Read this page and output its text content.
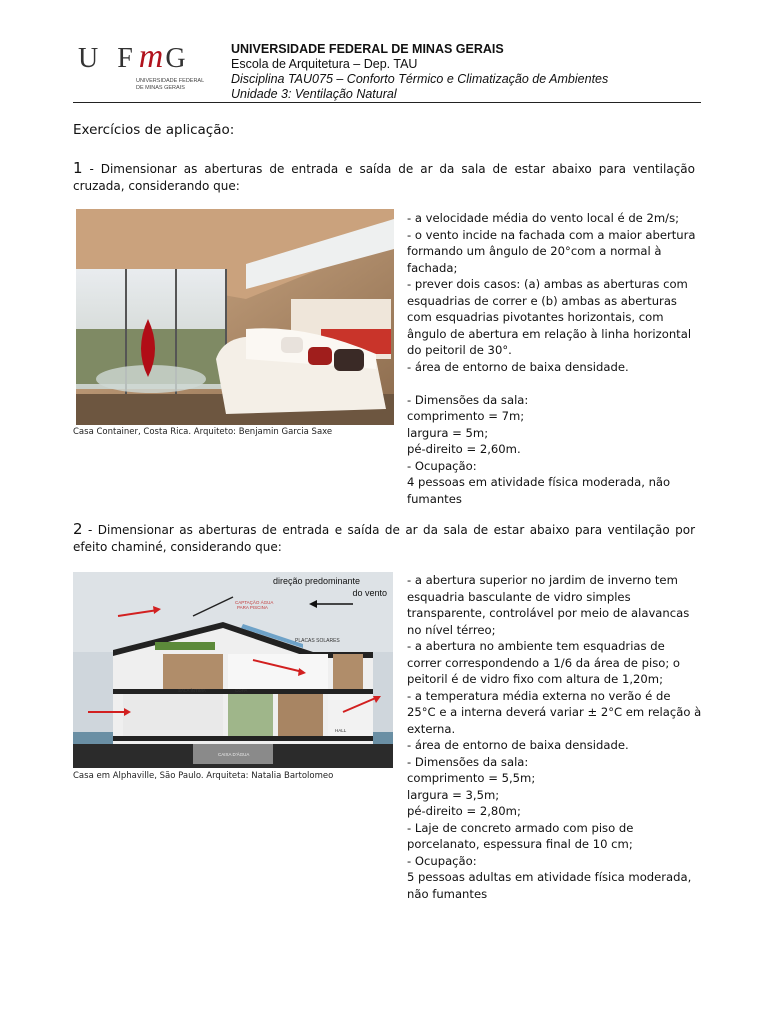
U FmG
UNIVERSIDADE FEDERAL
DE MINAS GERAIS
UNIVERSIDADE FEDERAL DE MINAS GERAIS
Escola de Arquitetura – Dep. TAU
Disciplina TAU075 – Conforto Térmico e Climatização de Ambientes
Unidade 3: Ventilação Natural
Exercícios de aplicação:
1 - Dimensionar as aberturas de entrada e saída de ar da sala de estar abaixo para ventilação cruzada, considerando que:
Casa Container, Costa Rica. Arquiteto: Benjamin Garcia Saxe
- a velocidade média do vento local é de 2m/s;
- o vento incide na fachada com a maior abertura
formando um ângulo de 20°com a normal à
fachada;
- prever dois casos: (a) ambas as aberturas com
esquadrias de correr e (b) ambas as aberturas
com esquadrias pivotantes horizontais, com
ângulo de abertura em relação à linha horizontal
do peitoril de 30°.
- área de entorno de baixa densidade.

- Dimensões da sala:
comprimento = 7m;
largura = 5m;
pé-direito = 2,60m.
- Ocupação:
4 pessoas em atividade física moderada, não
fumantes
2 - Dimensionar as aberturas de entrada e saída de ar da sala de estar abaixo para ventilação por efeito chaminé, considerando que:
direção predominante
do vento
CAPTAÇÃO ÁGUA
PARA PISCINA
PLACAS SOLARES
SALA ÍNTIMA	COPA
HALL
CAIXA D'ÁGUA
Casa em Alphaville, São Paulo. Arquiteta: Natalia Bartolomeo
- a abertura superior no jardim de inverno tem
esquadria basculante de vidro simples
transparente, controlável por meio de alavancas
no nível térreo;
- a abertura no ambiente tem esquadrias de
correr correspondendo a 1/6 da área de piso; o
peitoril é de vidro fixo com altura de 1,20m;
- a temperatura média externa no verão é de
25°C e a interna deverá variar ± 2°C em relação à
externa.
- área de entorno de baixa densidade.
- Dimensões da sala:
comprimento = 5,5m;
largura = 3,5m;
pé-direito = 2,80m;
- Laje de concreto armado com piso de
porcelanato, espessura final de 10 cm;
- Ocupação:
5 pessoas adultas em atividade física moderada,
não fumantes
